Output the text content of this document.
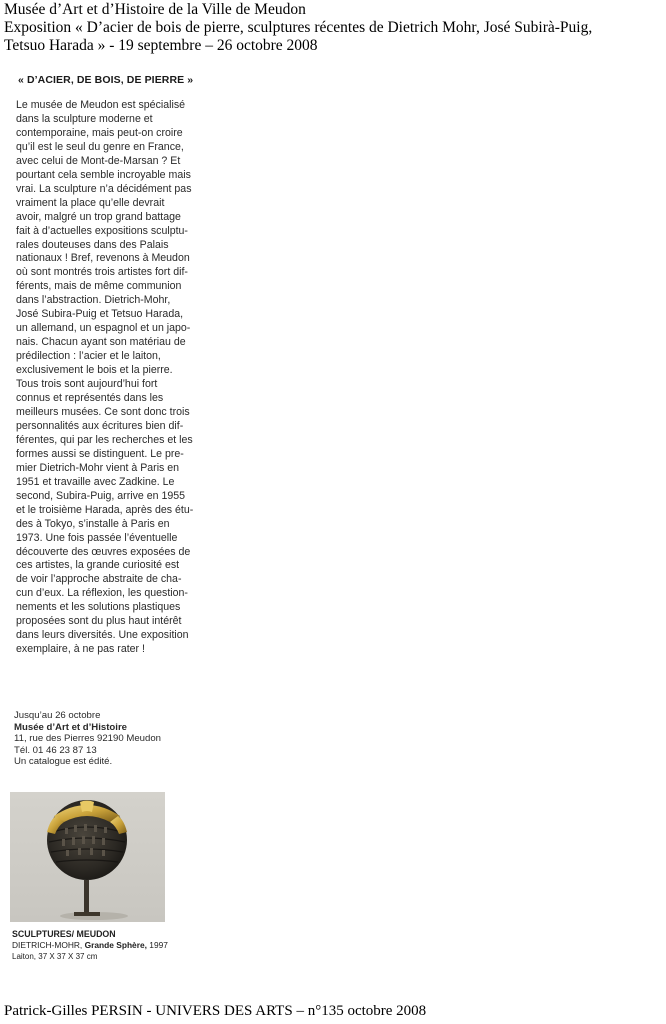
Musée d’Art et d’Histoire de la Ville de Meudon
Exposition « D’acier de bois de pierre, sculptures récentes de Dietrich Mohr, José Subirà-Puig,
Tetsuo Harada » - 19 septembre – 26 octobre 2008
« D’ACIER, DE BOIS, DE PIERRE »
Le musée de Meudon est spécialisé
dans la sculpture moderne et
contemporaine, mais peut-on croire
qu’il est le seul du genre en France,
avec celui de Mont-de-Marsan ? Et
pourtant cela semble incroyable mais
vrai. La sculpture n’a décidément pas
vraiment la place qu’elle devrait
avoir, malgré un trop grand battage
fait à d’actuelles expositions sculptu-
rales douteuses dans des Palais
nationaux ! Bref, revenons à Meudon
où sont montrés trois artistes fort dif-
férents, mais de même communion
dans l’abstraction. Dietrich-Mohr,
José Subira-Puig et Tetsuo Harada,
un allemand, un espagnol et un japo-
nais. Chacun ayant son matériau de
prédilection : l’acier et le laiton,
exclusivement le bois et la pierre.
Tous trois sont aujourd’hui fort
connus et représentés dans les
meilleurs musées. Ce sont donc trois
personnalités aux écritures bien dif-
férentes, qui par les recherches et les
formes aussi se distinguent. Le pre-
mier Dietrich-Mohr vient à Paris en
1951 et travaille avec Zadkine. Le
second, Subira-Puig, arrive en 1955
et le troisième Harada, après des étu-
des à Tokyo, s’installe à Paris en
1973. Une fois passée l’éventuelle
découverte des œuvres exposées de
ces artistes, la grande curiosité est
de voir l’approche abstraite de cha-
cun d’eux. La réflexion, les question-
nements et les solutions plastiques
proposées sont du plus haut intérêt
dans leurs diversités. Une exposition
exemplaire, à ne pas rater !
Jusqu’au 26 octobre
Musée d’Art et d’Histoire
11, rue des Pierres 92190 Meudon
Tél. 01 46 23 87 13
Un catalogue est édité.
SCULPTURES/ MEUDON
DIETRICH-MOHR, Grande Sphère, 1997
Laiton, 37 X 37 X 37 cm
Patrick-Gilles PERSIN - UNIVERS DES ARTS – n°135 octobre 2008
